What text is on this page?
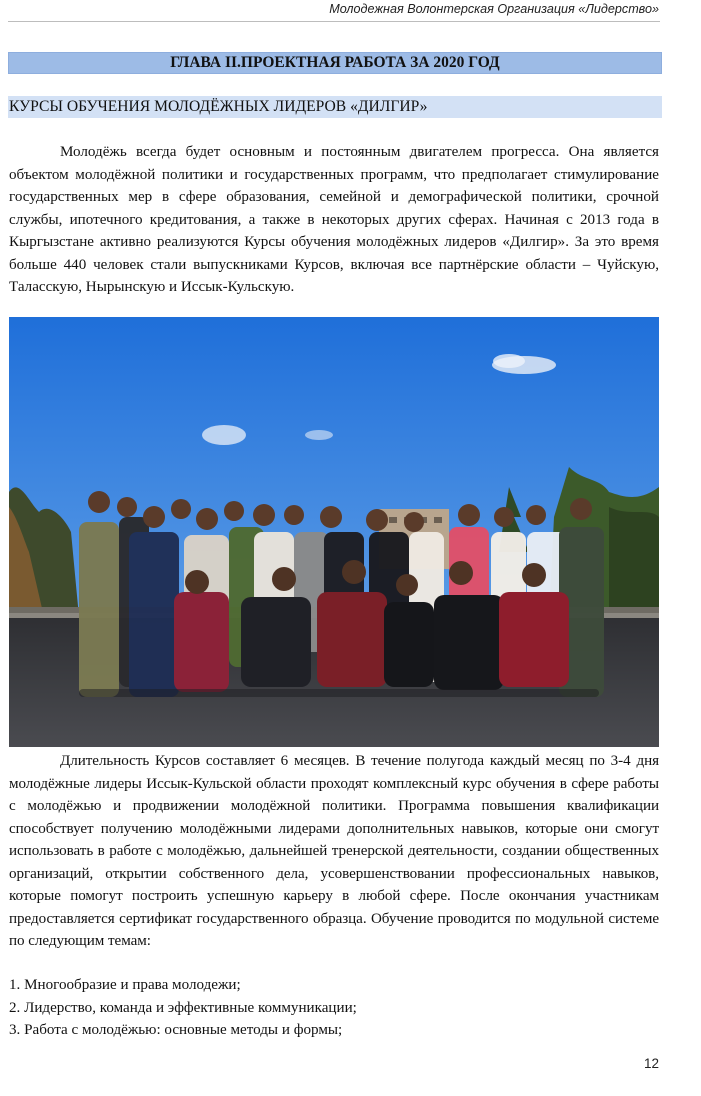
Молодежная Волонтерская Организация «Лидерство»
ГЛАВА II.ПРОЕКТНАЯ РАБОТА ЗА 2020 ГОД
КУРСЫ ОБУЧЕНИЯ МОЛОДЁЖНЫХ ЛИДЕРОВ «ДИЛГИР»

Молодёжь всегда будет основным и постоянным двигателем прогресса. Она является объектом молодёжной политики и государственных программ, что предполагает стимулирование государственных мер в сфере образования, семейной и демографической политики, срочной службы, ипотечного кредитования, а также в некоторых других сферах. Начиная с 2013 года в Кыргызстане активно реализуются Курсы обучения молодёжных лидеров «Дилгир». За это время больше 440 человек стали выпускниками Курсов, включая все партнёрские области – Чуйскую, Таласскую, Нырынскую и Иссык-Кульскую.

Длительность Курсов составляет 6 месяцев. В течение полугода каждый месяц по 3-4 дня молодёжные лидеры Иссык-Кульской области проходят комплексный курс обучения в сфере работы с молодёжью и продвижении молодёжной политики. Программа повышения квалификации способствует получению молодёжными лидерами дополнительных навыков, которые они смогут использовать в работе с молодёжью, дальнейшей тренерской деятельности, создании общественных организаций, открытии собственного дела, усовершенствовании профессиональных навыков, которые помогут построить успешную карьеру в любой сфере. После окончания участникам предоставляется сертификат государственного образца. Обучение проводится по модульной системе по следующим темам:

1. Многообразие и права молодежи;
2. Лидерство, команда и эффективные коммуникации;
3. Работа с молодёжью: основные методы и формы;
12
